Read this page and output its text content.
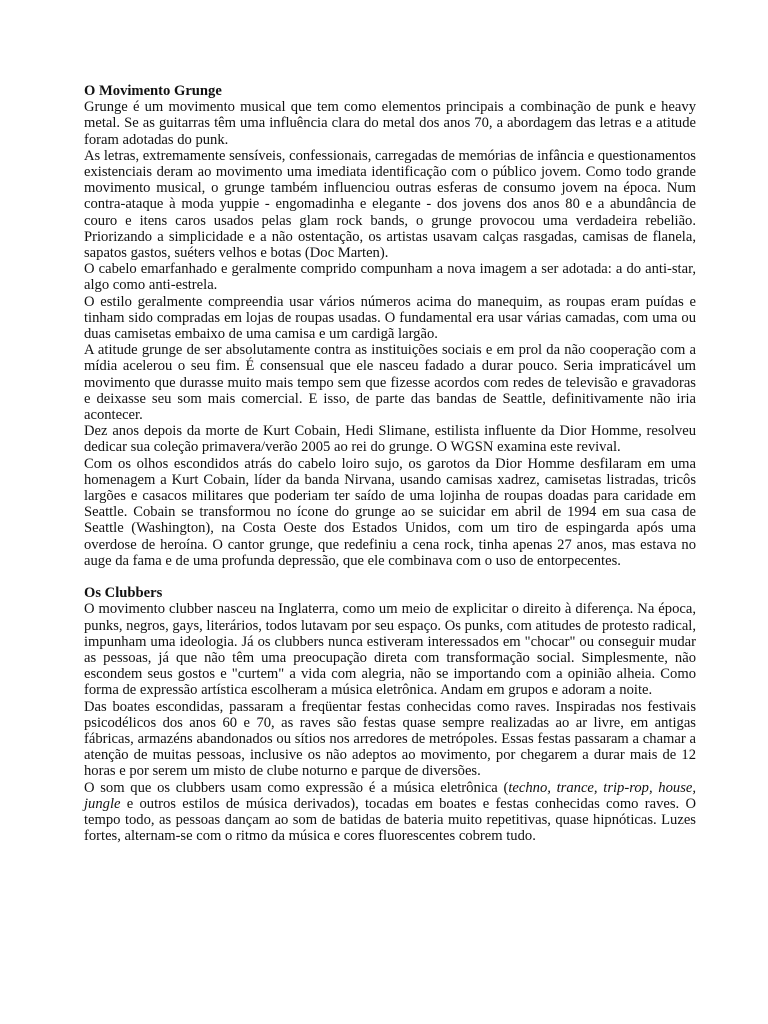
O Movimento Grunge

Grunge é um movimento musical que tem como elementos principais a combinação de punk e heavy metal. Se as guitarras têm uma influência clara do metal dos anos 70, a abordagem das letras e a atitude foram adotadas do punk.

As letras, extremamente sensíveis, confessionais, carregadas de memórias de infância e questionamentos existenciais deram ao movimento uma imediata identificação com o público jovem. Como todo grande movimento musical, o grunge também influenciou outras esferas de consumo jovem na época. Num contra-ataque à moda yuppie - engomadinha e elegante - dos jovens dos anos 80 e a abundância de couro e itens caros usados pelas glam rock bands, o grunge provocou uma verdadeira rebelião. Priorizando a simplicidade e a não ostentação, os artistas usavam calças rasgadas, camisas de flanela, sapatos gastos, suéters velhos e botas (Doc Marten).

O cabelo emarfanhado e geralmente comprido compunham a nova imagem a ser adotada: a do anti-star, algo como anti-estrela.

O estilo geralmente compreendia usar vários números acima do manequim, as roupas eram puídas e tinham sido compradas em lojas de roupas usadas. O fundamental era usar várias camadas, com uma ou duas camisetas embaixo de uma camisa e um cardigã largão.

A atitude grunge de ser absolutamente contra as instituições sociais e em prol da não cooperação com a mídia acelerou o seu fim. É consensual que ele nasceu fadado a durar pouco. Seria impraticável um movimento que durasse muito mais tempo sem que fizesse acordos com redes de televisão e gravadoras e deixasse seu som mais comercial. E isso, de parte das bandas de Seattle, definitivamente não iria acontecer.

Dez anos depois da morte de Kurt Cobain, Hedi Slimane, estilista influente da Dior Homme, resolveu dedicar sua coleção primavera/verão 2005 ao rei do grunge. O WGSN examina este revival.

Com os olhos escondidos atrás do cabelo loiro sujo, os garotos da Dior Homme desfilaram em uma homenagem a Kurt Cobain, líder da banda Nirvana, usando camisas xadrez, camisetas listradas, tricôs largões e casacos militares que poderiam ter saído de uma lojinha de roupas doadas para caridade em Seattle. Cobain se transformou no ícone do grunge ao se suicidar em abril de 1994 em sua casa de Seattle (Washington), na Costa Oeste dos Estados Unidos, com um tiro de espingarda após uma overdose de heroína. O cantor grunge, que redefiniu a cena rock, tinha apenas 27 anos, mas estava no auge da fama e de uma profunda depressão, que ele combinava com o uso de entorpecentes.

Os Clubbers

O movimento clubber nasceu na Inglaterra, como um meio de explicitar o direito à diferença. Na época, punks, negros, gays, literários, todos lutavam por seu espaço. Os punks, com atitudes de protesto radical, impunham uma ideologia. Já os clubbers nunca estiveram interessados em "chocar" ou conseguir mudar as pessoas, já que não têm uma preocupação direta com transformação social. Simplesmente, não escondem seus gostos e "curtem" a vida com alegria, não se importando com a opinião alheia. Como forma de expressão artística escolheram a música eletrônica. Andam em grupos e adoram a noite.

Das boates escondidas, passaram a freqüentar festas conhecidas como raves. Inspiradas nos festivais psicodélicos dos anos 60 e 70, as raves são festas quase sempre realizadas ao ar livre, em antigas fábricas, armazéns abandonados ou sítios nos arredores de metrópoles. Essas festas passaram a chamar a atenção de muitas pessoas, inclusive os não adeptos ao movimento, por chegarem a durar mais de 12 horas e por serem um misto de clube noturno e parque de diversões.

O som que os clubbers usam como expressão é a música eletrônica (techno, trance, trip-rop, house, jungle e outros estilos de música derivados), tocadas em boates e festas conhecidas como raves. O tempo todo, as pessoas dançam ao som de batidas de bateria muito repetitivas, quase hipnóticas. Luzes fortes, alternam-se com o ritmo da música e cores fluorescentes cobrem tudo.
